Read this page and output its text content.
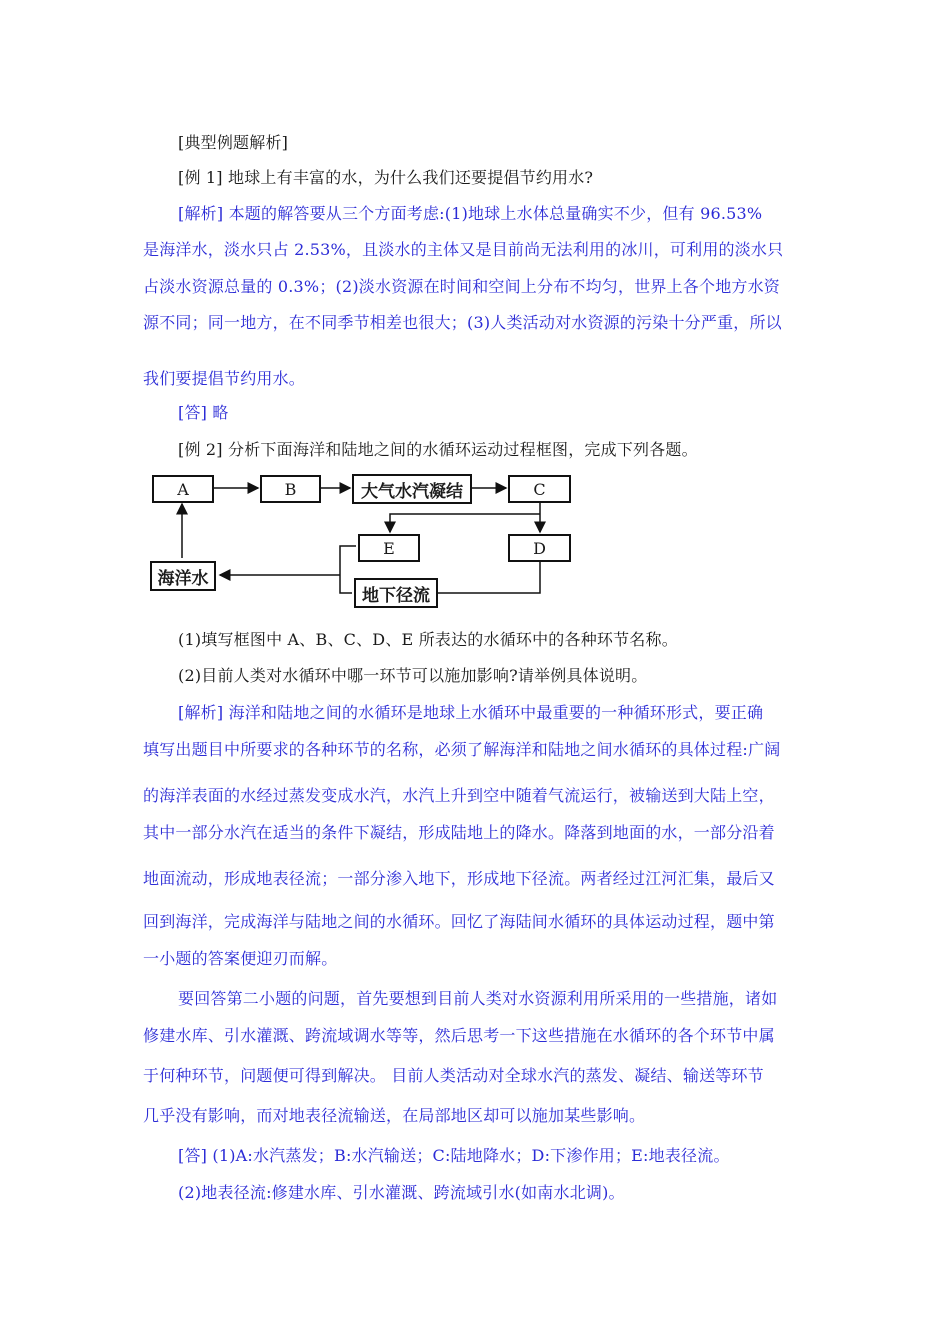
[典型例题解析]
[例 1] 地球上有丰富的水，为什么我们还要提倡节约用水?
[解析] 本题的解答要从三个方面考虑:(1)地球上水体总量确实不少，但有 96.53%
是海洋水，淡水只占 2.53%，且淡水的主体又是目前尚无法利用的冰川，可利用的淡水只
占淡水资源总量的 0.3%；(2)淡水资源在时间和空间上分布不均匀，世界上各个地方水资
源不同；同一地方，在不同季节相差也很大；(3)人类活动对水资源的污染十分严重，所以
我们要提倡节约用水。
[答] 略
[例 2] 分析下面海洋和陆地之间的水循环运动过程框图，完成下列各题。
A	B	大气水汽凝结	C
E	D
海洋水
地下径流
(1)填写框图中 A、B、C、D、E 所表达的水循环中的各种环节名称。
(2)目前人类对水循环中哪一环节可以施加影响?请举例具体说明。
[解析] 海洋和陆地之间的水循环是地球上水循环中最重要的一种循环形式，要正确
填写出题目中所要求的各种环节的名称，必须了解海洋和陆地之间水循环的具体过程:广阔
的海洋表面的水经过蒸发变成水汽，水汽上升到空中随着气流运行，被输送到大陆上空，
其中一部分水汽在适当的条件下凝结，形成陆地上的降水。降落到地面的水，一部分沿着
地面流动，形成地表径流；一部分渗入地下，形成地下径流。两者经过江河汇集，最后又
回到海洋，完成海洋与陆地之间的水循环。回忆了海陆间水循环的具体运动过程，题中第
一小题的答案便迎刃而解。
要回答第二小题的问题，首先要想到目前人类对水资源利用所采用的一些措施，诸如
修建水库、引水灌溉、跨流域调水等等，然后思考一下这些措施在水循环的各个环节中属
于何种环节，问题便可得到解决。 目前人类活动对全球水汽的蒸发、凝结、输送等环节
几乎没有影响，而对地表径流输送，在局部地区却可以施加某些影响。
[答] (1)A:水汽蒸发；B:水汽输送；C:陆地降水；D:下渗作用；E:地表径流。
(2)地表径流:修建水库、引水灌溉、跨流域引水(如南水北调)。
